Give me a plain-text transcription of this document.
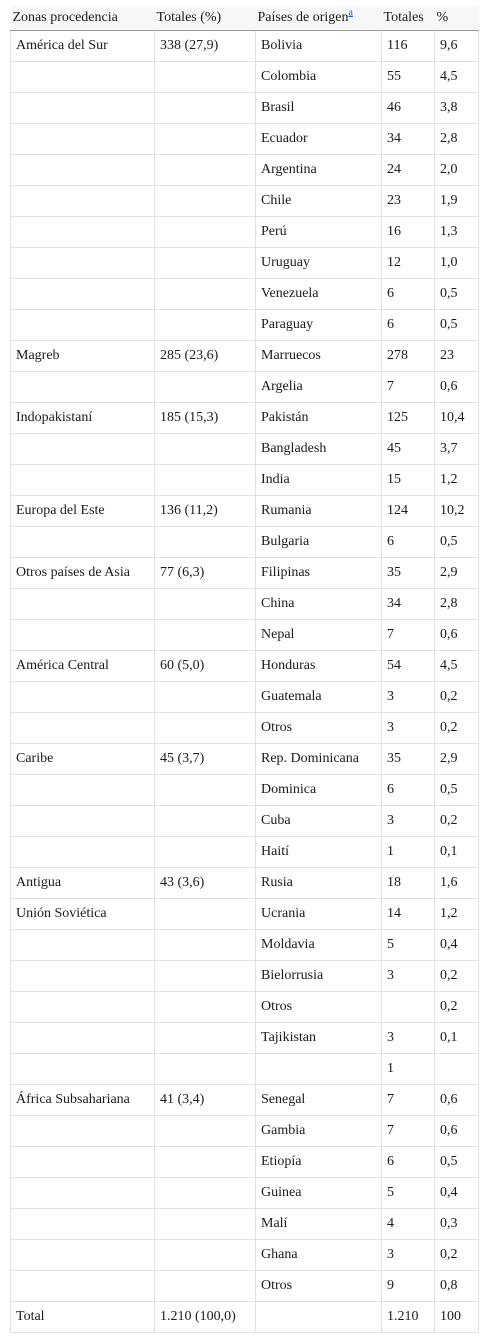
Zonas procedencia	Totales (%)	Países de origen$^a$	Totales	%
América del Sur	338 (27,9)	Bolivia	116	9,6
		Colombia	55	4,5
		Brasil	46	3,8
		Ecuador	34	2,8
		Argentina	24	2,0
		Chile	23	1,9
		Perú	16	1,3
		Uruguay	12	1,0
		Venezuela	6	0,5
		Paraguay	6	0,5
Magreb	285 (23,6)	Marruecos	278	23
		Argelia	7	0,6
Indopakistaní	185 (15,3)	Pakistán	125	10,4
		Bangladesh	45	3,7
		India	15	1,2
Europa del Este	136 (11,2)	Rumania	124	10,2
		Bulgaria	6	0,5
Otros países de Asia	77 (6,3)	Filipinas	35	2,9
		China	34	2,8
		Nepal	7	0,6
América Central	60 (5,0)	Honduras	54	4,5
		Guatemala	3	0,2
		Otros	3	0,2
Caribe	45 (3,7)	Rep. Dominicana	35	2,9
		Dominica	6	0,5
		Cuba	3	0,2
		Haití	1	0,1
Antigua	43 (3,6)	Rusia	18	1,6
Unión Soviética		Ucrania	14	1,2
		Moldavia	5	0,4
		Bielorrusia	3	0,2
		Otros		0,2
		Tajikistan	3	0,1
			1	
África Subsahariana	41 (3,4)	Senegal	7	0,6
		Gambia	7	0,6
		Etiopía	6	0,5
		Guinea	5	0,4
		Malí	4	0,3
		Ghana	3	0,2
		Otros	9	0,8
Total	1.210 (100,0)		1.210	100
